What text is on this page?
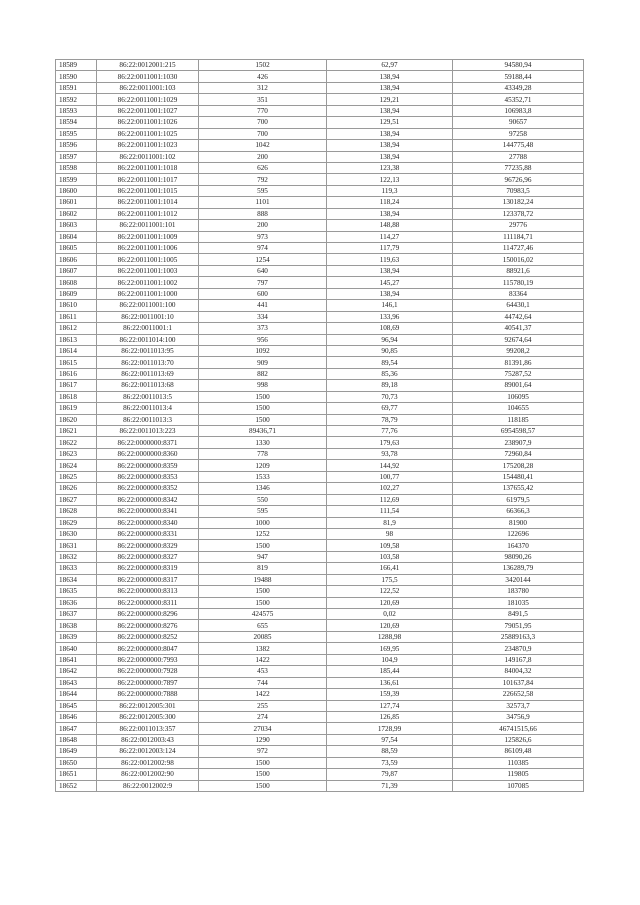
18589	86:22:0012001:215	1502	62,97	94580,94
18590	86:22:0011001:1030	426	138,94	59188,44
18591	86:22:0011001:103	312	138,94	43349,28
18592	86:22:0011001:1029	351	129,21	45352,71
18593	86:22:0011001:1027	770	138,94	106983,8
18594	86:22:0011001:1026	700	129,51	90657
18595	86:22:0011001:1025	700	138,94	97258
18596	86:22:0011001:1023	1042	138,94	144775,48
18597	86:22:0011001:102	200	138,94	27788
18598	86:22:0011001:1018	626	123,38	77235,88
18599	86:22:0011001:1017	792	122,13	96726,96
18600	86:22:0011001:1015	595	119,3	70983,5
18601	86:22:0011001:1014	1101	118,24	130182,24
18602	86:22:0011001:1012	888	138,94	123378,72
18603	86:22:0011001:101	200	148,88	29776
18604	86:22:0011001:1009	973	114,27	111184,71
18605	86:22:0011001:1006	974	117,79	114727,46
18606	86:22:0011001:1005	1254	119,63	150016,02
18607	86:22:0011001:1003	640	138,94	88921,6
18608	86:22:0011001:1002	797	145,27	115780,19
18609	86:22:0011001:1000	600	138,94	83364
18610	86:22:0011001:100	441	146,1	64430,1
18611	86:22:0011001:10	334	133,96	44742,64
18612	86:22:0011001:1	373	108,69	40541,37
18613	86:22:0011014:100	956	96,94	92674,64
18614	86:22:0011013:95	1092	90,85	99208,2
18615	86:22:0011013:70	909	89,54	81391,86
18616	86:22:0011013:69	882	85,36	75287,52
18617	86:22:0011013:68	998	89,18	89001,64
18618	86:22:0011013:5	1500	70,73	106095
18619	86:22:0011013:4	1500	69,77	104655
18620	86:22:0011013:3	1500	78,79	118185
18621	86:22:0011013:223	89436,71	77,76	6954598,57
18622	86:22:0000000:8371	1330	179,63	238907,9
18623	86:22:0000000:8360	778	93,78	72960,84
18624	86:22:0000000:8359	1209	144,92	175208,28
18625	86:22:0000000:8353	1533	100,77	154480,41
18626	86:22:0000000:8352	1346	102,27	137655,42
18627	86:22:0000000:8342	550	112,69	61979,5
18628	86:22:0000000:8341	595	111,54	66366,3
18629	86:22:0000000:8340	1000	81,9	81900
18630	86:22:0000000:8331	1252	98	122696
18631	86:22:0000000:8329	1500	109,58	164370
18632	86:22:0000000:8327	947	103,58	98090,26
18633	86:22:0000000:8319	819	166,41	136289,79
18634	86:22:0000000:8317	19488	175,5	3420144
18635	86:22:0000000:8313	1500	122,52	183780
18636	86:22:0000000:8311	1500	120,69	181035
18637	86:22:0000000:8296	424575	0,02	8491,5
18638	86:22:0000000:8276	655	120,69	79051,95
18639	86:22:0000000:8252	20085	1288,98	25889163,3
18640	86:22:0000000:8047	1382	169,95	234870,9
18641	86:22:0000000:7993	1422	104,9	149167,8
18642	86:22:0000000:7928	453	185,44	84004,32
18643	86:22:0000000:7897	744	136,61	101637,84
18644	86:22:0000000:7888	1422	159,39	226652,58
18645	86:22:0012005:301	255	127,74	32573,7
18646	86:22:0012005:300	274	126,85	34756,9
18647	86:22:0011013:357	27034	1728,99	46741515,66
18648	86:22:0012003:43	1290	97,54	125826,6
18649	86:22:0012003:124	972	88,59	86109,48
18650	86:22:0012002:98	1500	73,59	110385
18651	86:22:0012002:90	1500	79,87	119805
18652	86:22:0012002:9	1500	71,39	107085
